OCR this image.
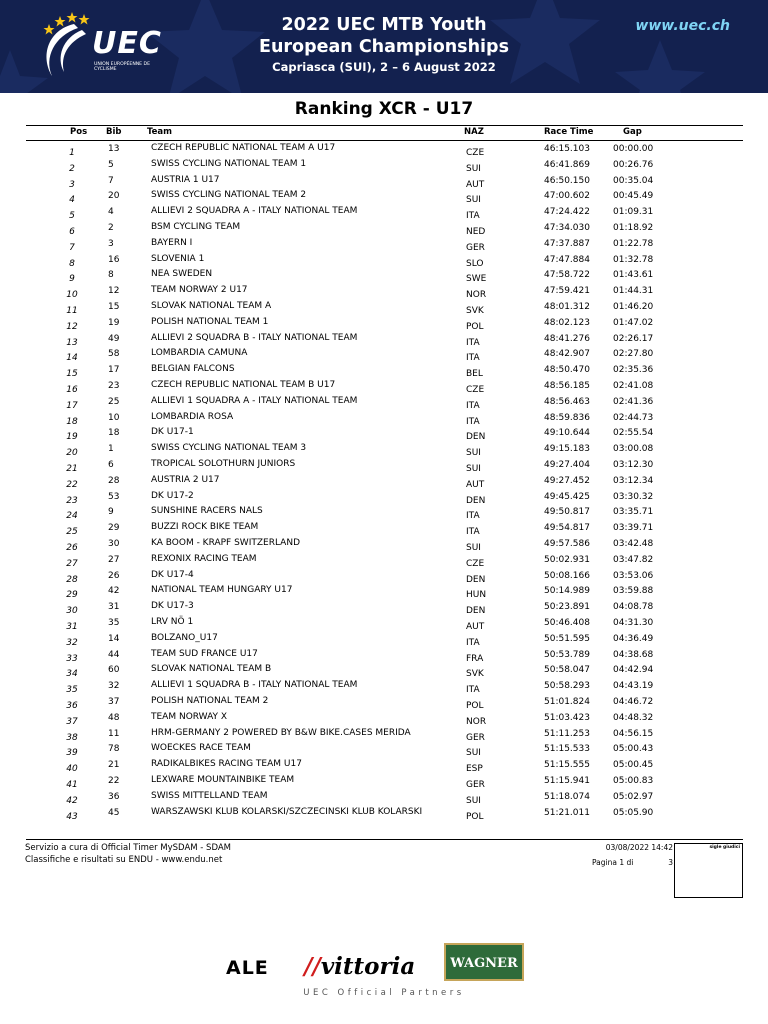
UEC
UNION EUROPÉENNE DE CYCLISME
2022 UEC MTB Youth
European Championships
Capriasca (SUI), 2 – 6 August 2022
www.uec.ch
Ranking XCR - U17
Pos Bib	Team	NAZ	Race Time	Gap
1	13	CZECH REPUBLIC NATIONAL TEAM A U17	CZE	46:15.103	00:00.00
2	5	SWISS CYCLING NATIONAL TEAM 1	SUI	46:41.869	00:26.76
3	7	AUSTRIA 1 U17	AUT	46:50.150	00:35.04
4	20	SWISS CYCLING NATIONAL TEAM 2	SUI	47:00.602	00:45.49
5	4	ALLIEVI 2 SQUADRA A - ITALY NATIONAL TEAM	ITA	47:24.422	01:09.31
6	2	BSM CYCLING TEAM	NED	47:34.030	01:18.92
7	3	BAYERN I	GER	47:37.887	01:22.78
8	16	SLOVENIA 1	SLO	47:47.884	01:32.78
9	8	NEA SWEDEN	SWE	47:58.722	01:43.61
10	12	TEAM NORWAY 2 U17	NOR	47:59.421	01:44.31
11	15	SLOVAK NATIONAL TEAM A	SVK	48:01.312	01:46.20
12	19	POLISH NATIONAL TEAM 1	POL	48:02.123	01:47.02
13	49	ALLIEVI 2 SQUADRA B - ITALY NATIONAL TEAM	ITA	48:41.276	02:26.17
14	58	LOMBARDIA CAMUNA	ITA	48:42.907	02:27.80
15	17	BELGIAN FALCONS	BEL	48:50.470	02:35.36
16	23	CZECH REPUBLIC NATIONAL TEAM B U17	CZE	48:56.185	02:41.08
17	25	ALLIEVI 1 SQUADRA A - ITALY NATIONAL TEAM	ITA	48:56.463	02:41.36
18	10	LOMBARDIA ROSA	ITA	48:59.836	02:44.73
19	18	DK U17-1	DEN	49:10.644	02:55.54
20	1	SWISS CYCLING NATIONAL TEAM 3	SUI	49:15.183	03:00.08
21	6	TROPICAL SOLOTHURN JUNIORS	SUI	49:27.404	03:12.30
22	28	AUSTRIA 2 U17	AUT	49:27.452	03:12.34
23	53	DK U17-2	DEN	49:45.425	03:30.32
24	9	SUNSHINE RACERS NALS	ITA	49:50.817	03:35.71
25	29	BUZZI ROCK BIKE TEAM	ITA	49:54.817	03:39.71
26	30	KA BOOM - KRAPF SWITZERLAND	SUI	49:57.586	03:42.48
27	27	REXONIX RACING TEAM	CZE	50:02.931	03:47.82
28	26	DK U17-4	DEN	50:08.166	03:53.06
29	42	NATIONAL TEAM HUNGARY U17	HUN	50:14.989	03:59.88
30	31	DK U17-3	DEN	50:23.891	04:08.78
31	35	LRV NÖ 1	AUT	50:46.408	04:31.30
32	14	BOLZANO_U17	ITA	50:51.595	04:36.49
33	44	TEAM SUD FRANCE U17	FRA	50:53.789	04:38.68
34	60	SLOVAK NATIONAL TEAM B	SVK	50:58.047	04:42.94
35	32	ALLIEVI 1 SQUADRA B - ITALY NATIONAL TEAM	ITA	50:58.293	04:43.19
36	37	POLISH NATIONAL TEAM 2	POL	51:01.824	04:46.72
37	48	TEAM NORWAY X	NOR	51:03.423	04:48.32
38	11	HRM-GERMANY 2 POWERED BY B&W BIKE.CASES MERIDA	GER	51:11.253	04:56.15
39	78	WOECKES RACE TEAM	SUI	51:15.533	05:00.43
40	21	RADIKALBIKES RACING TEAM U17	ESP	51:15.555	05:00.45
41	22	LEXWARE MOUNTAINBIKE TEAM	GER	51:15.941	05:00.83
42	36	SWISS MITTELLAND TEAM	SUI	51:18.074	05:02.97
43	45	WARSZAWSKI KLUB KOLARSKI/SZCZECINSKI KLUB KOLARSKI	POL	51:21.011	05:05.90
Servizio a cura di Official Timer MySDAM - SDAM
Classifiche e risultati su ENDU - www.endu.net
03/08/2022 14:42
Pagina 1 di	3
sigle giudici
ALE //vittoria	WAGNER
UEC Official Partners
